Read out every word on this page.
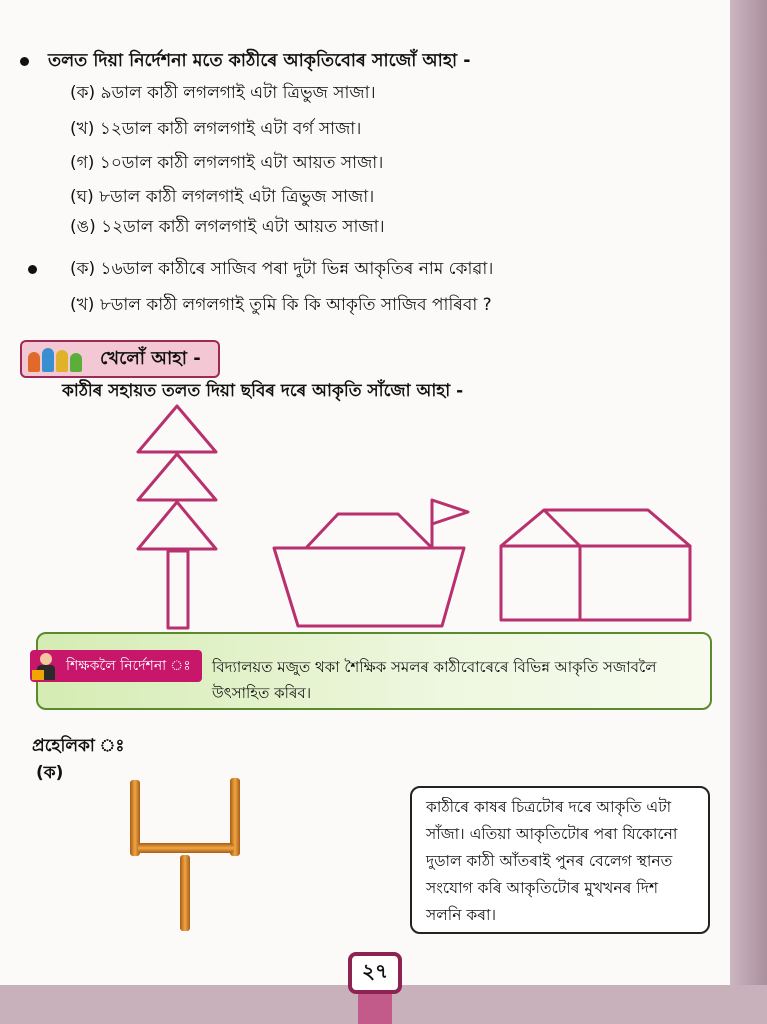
তলত দিয়া নিৰ্দেশনা মতে কাঠীৰে আকৃতিবোৰ সাজোঁ আহা -
(ক) ৯ডাল কাঠী লগলগাই এটা ত্ৰিভুজ সাজা।
(খ) ১২ডাল কাঠী লগলগাই এটা বৰ্গ সাজা।
(গ) ১০ডাল কাঠী লগলগাই এটা আয়ত সাজা।
(ঘ) ৮ডাল কাঠী লগলগাই এটা ত্ৰিভুজ সাজা।
(ঙ) ১২ডাল কাঠী লগলগাই এটা আয়ত সাজা।
(ক) ১৬ডাল কাঠীৰে সাজিব পৰা দুটা ভিন্ন আকৃতিৰ নাম কোৱা।
(খ) ৮ডাল কাঠী লগলগাই তুমি কি কি আকৃতি সাজিব পাৰিবা ?
খেলোঁ আহা -
কাঠীৰ সহায়ত তলত দিয়া ছবিৰ দৰে আকৃতি সাঁজো আহা -
শিক্ষকলৈ নিৰ্দেশনা ঃ বিদ্যালয়ত মজুত থকা শৈক্ষিক সমলৰ কাঠীবোৰেৰে বিভিন্ন আকৃতি সজাবলৈ উৎসাহিত কৰিব।
প্ৰহেলিকা ঃ
(ক)
কাঠীৰে কাষৰ চিত্ৰটোৰ দৰে আকৃতি এটা সাঁজা। এতিয়া আকৃতিটোৰ পৰা যিকোনো দুডাল কাঠী আঁতৰাই পুনৰ বেলেগ স্থানত সংযোগ কৰি আকৃতিটোৰ মুখখনৰ দিশ সলনি কৰা।
২৭
